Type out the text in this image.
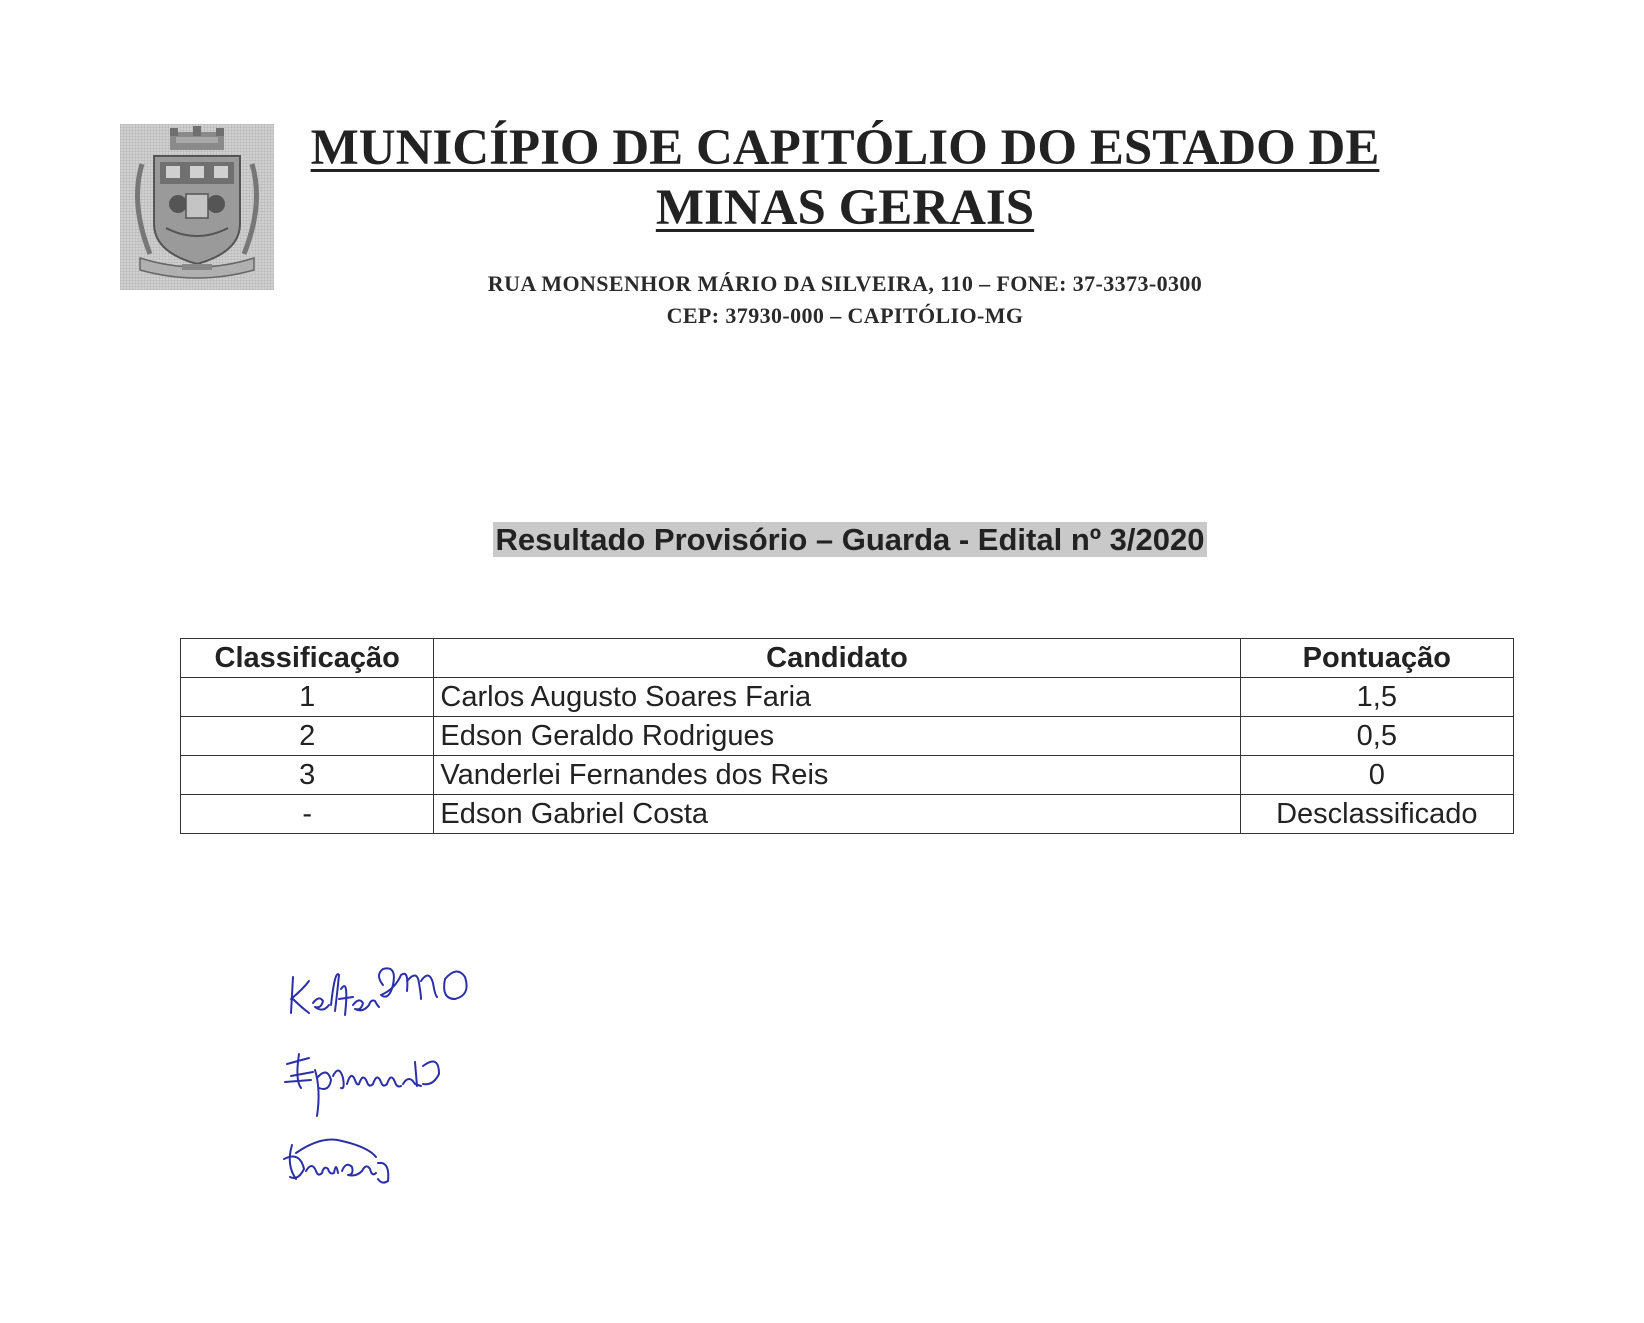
MUNICÍPIO DE CAPITÓLIO DO ESTADO DE
MINAS GERAIS
RUA MONSENHOR MÁRIO DA SILVEIRA, 110 – FONE: 37-3373-0300
CEP: 37930-000 – CAPITÓLIO-MG
Resultado Provisório – Guarda - Edital nº 3/2020
Classificação	Candidato	Pontuação
1	Carlos Augusto Soares Faria	1,5
2	Edson Geraldo Rodrigues	0,5
3	Vanderlei Fernandes dos Reis	0
-	Edson Gabriel Costa	Desclassificado
